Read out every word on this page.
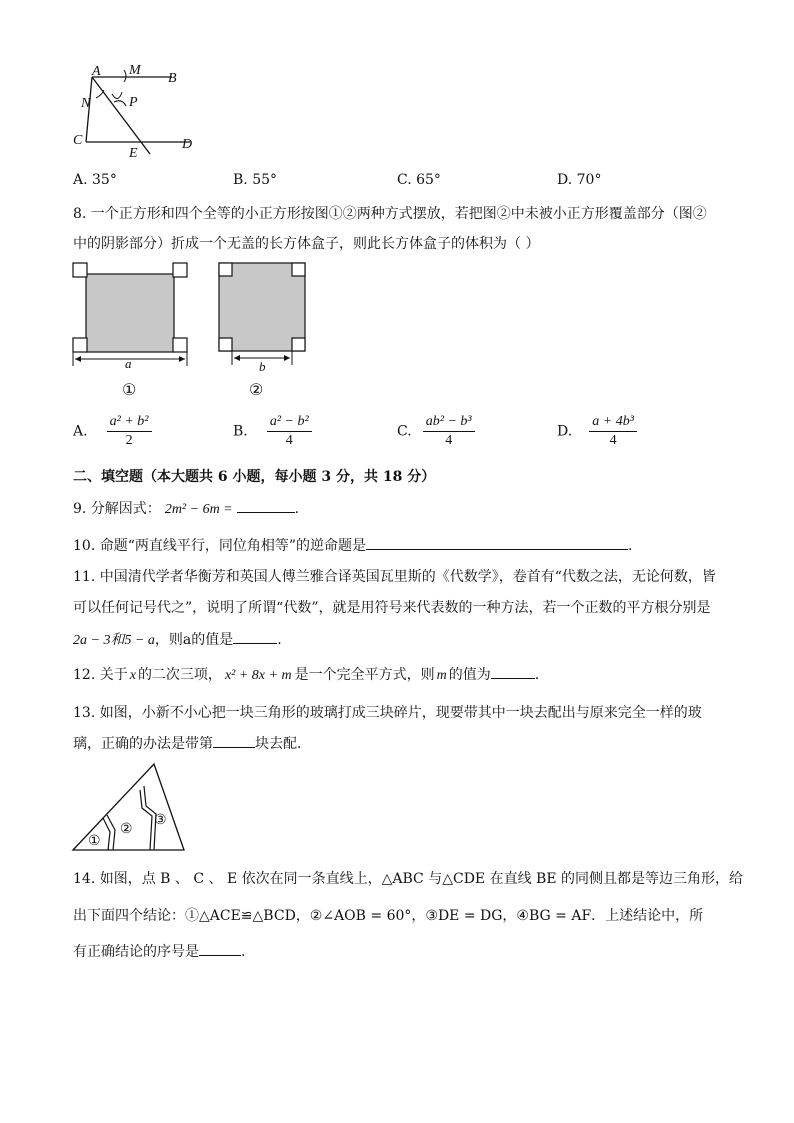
A M
B
N	P
C
E
D
A. 35°	B. 55°	C. 65°	D. 70°
8. 一个正方形和四个全等的小正方形按图①②两种方式摆放，若把图②中未被小正方形覆盖部分（图②
中的阴影部分）折成一个无盖的长方体盒子，则此长方体盒子的体积为（ ）
a
①
b
②
A. $\frac{\text{a² + b²}}{2}$	B. $\frac{\text{a² − b²}}{4}$	C. $\frac{\text{ab² − b³}}{4}$	D. $\frac{\text{a + 4b³}}{4}$
二、填空题（本大题共 6 小题，每小题 3 分，共 18 分）
9. 分解因式： 2m² − 6m =	.
10. 命题“两直线平行，同位角相等”的逆命题是	.
11. 中国清代学者华衡芳和英国人傅兰雅合译英国瓦里斯的《代数学》，卷首有“代数之法，无论何数，皆
可以任何记号代之”，说明了所谓“代数”，就是用符号来代表数的一种方法，若一个正数的平方根分别是
2a − 3和5 − a，则a的值是	.
12. 关于 x 的二次三项， x² + 8x + m 是一个完全平方式，则 m 的值为	.
13. 如图，小新不小心把一块三角形的玻璃打成三块碎片，现要带其中一块去配出与原来完全一样的玻
璃，正确的办法是带第	块去配．
①
②
③
14. 如图，点 B 、 C 、 E 依次在同一条直线上，△ABC 与△CDE 在直线 BE 的同侧且都是等边三角形，给
出下面四个结论：①△ACE≌△BCD，②∠AOB = 60°，③DE = DG，④BG = AF．上述结论中，所
有正确结论的序号是	.
